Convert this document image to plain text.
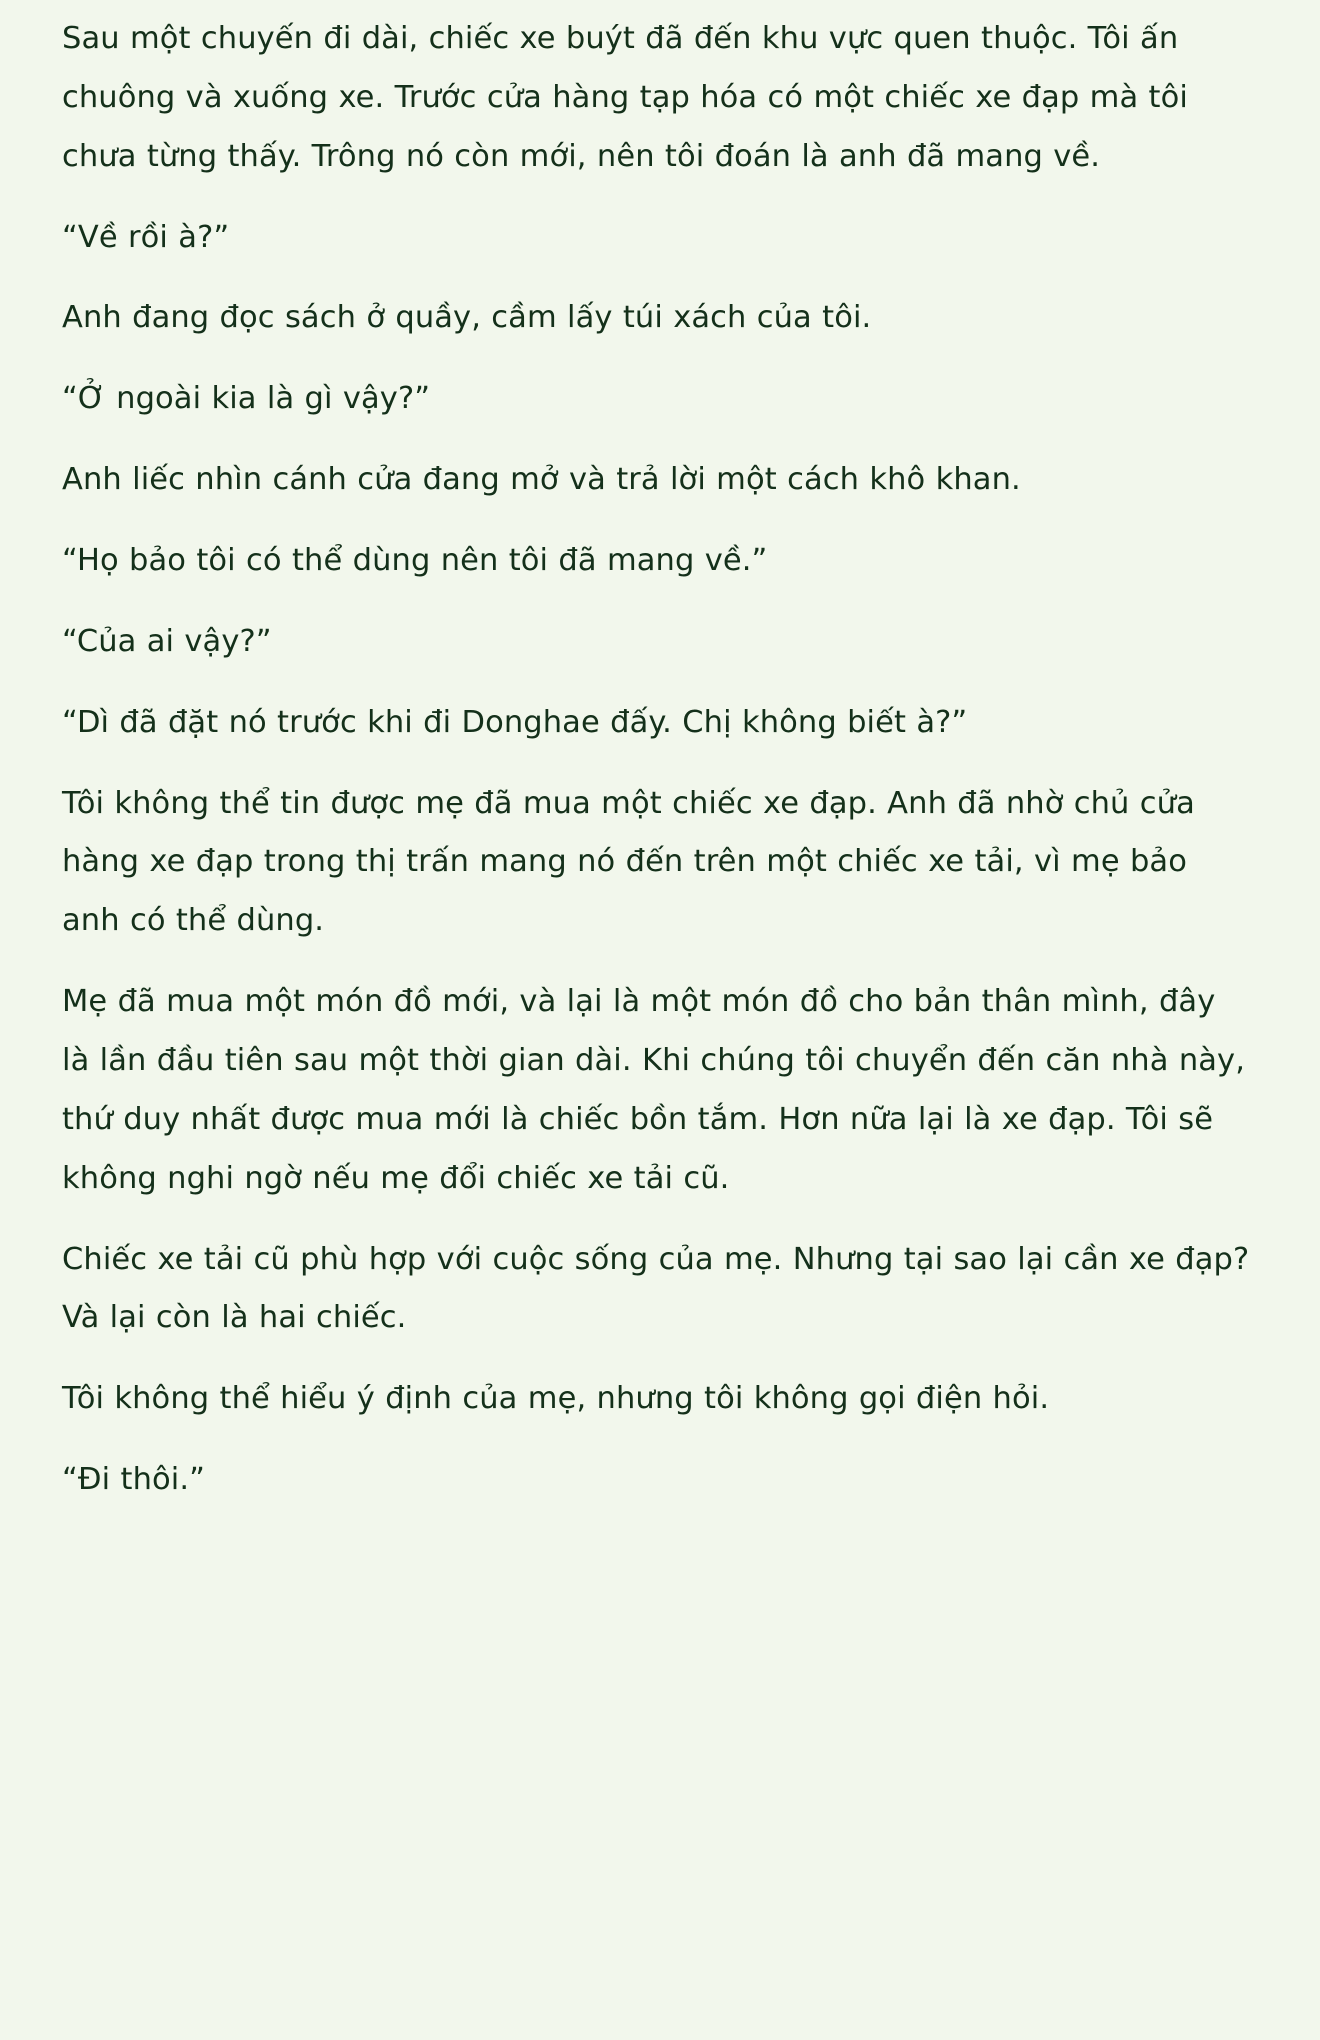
Sau một chuyến đi dài, chiếc xe buýt đã đến khu vực quen thuộc. Tôi ấn chuông và xuống xe. Trước cửa hàng tạp hóa có một chiếc xe đạp mà tôi chưa từng thấy. Trông nó còn mới, nên tôi đoán là anh đã mang về.

“Về rồi à?”

Anh đang đọc sách ở quầy, cầm lấy túi xách của tôi.

“Ở ngoài kia là gì vậy?”

Anh liếc nhìn cánh cửa đang mở và trả lời một cách khô khan.

“Họ bảo tôi có thể dùng nên tôi đã mang về.”

“Của ai vậy?”

“Dì đã đặt nó trước khi đi Donghae đấy. Chị không biết à?”

Tôi không thể tin được mẹ đã mua một chiếc xe đạp. Anh đã nhờ chủ cửa hàng xe đạp trong thị trấn mang nó đến trên một chiếc xe tải, vì mẹ bảo anh có thể dùng.

Mẹ đã mua một món đồ mới, và lại là một món đồ cho bản thân mình, đây là lần đầu tiên sau một thời gian dài. Khi chúng tôi chuyển đến căn nhà này, thứ duy nhất được mua mới là chiếc bồn tắm. Hơn nữa lại là xe đạp. Tôi sẽ không nghi ngờ nếu mẹ đổi chiếc xe tải cũ.

Chiếc xe tải cũ phù hợp với cuộc sống của mẹ. Nhưng tại sao lại cần xe đạp? Và lại còn là hai chiếc.

Tôi không thể hiểu ý định của mẹ, nhưng tôi không gọi điện hỏi.

“Đi thôi.”
